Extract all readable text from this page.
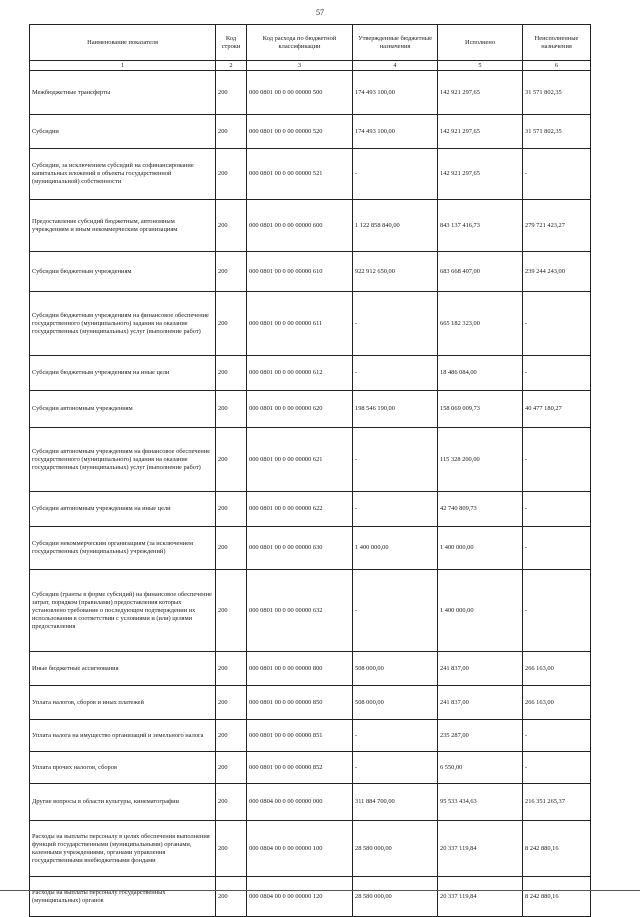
57
Наименование показателя	Код строки	Код расхода по бюджетной классификации	Утвержденные бюджетные назначения	Исполнено	Неисполненные назначения
1	2	3	4	5	6
Межбюджетные трансферты	200	000 0801 00 0 00 00000 500	174 493 100,00	142 921 297,65	31 571 802,35
Субсидии	200	000 0801 00 0 00 00000 520	174 493 100,00	142 921 297,65	31 571 802,35
Субсидии, за исключением субсидий на софинансирование капитальных вложений в объекты государственной (муниципальной) собственности	200	000 0801 00 0 00 00000 521	-	142 921 297,65	-
Предоставление субсидий бюджетным, автономным учреждениям и иным некоммерческим организациям	200	000 0801 00 0 00 00000 600	1 122 858 840,00	843 137 416,73	279 721 423,27
Субсидии бюджетным учреждениям	200	000 0801 00 0 00 00000 610	922 912 650,00	683 668 407,00	239 244 243,00
Субсидии бюджетным учреждениям на финансовое обеспечение государственного (муниципального) задания на оказание государственных (муниципальных) услуг (выполнение работ)	200	000 0801 00 0 00 00000 611	-	665 182 323,00	-
Субсидии бюджетным учреждениям на иные цели	200	000 0801 00 0 00 00000 612	-	18 486 084,00	-
Субсидии автономным учреждениям	200	000 0801 00 0 00 00000 620	198 546 190,00	158 069 009,73	40 477 180,27
Субсидии автономным учреждениям на финансовое обеспечение государственного (муниципального) задания на оказание государственных (муниципальных) услуг (выполнение работ)	200	000 0801 00 0 00 00000 621	-	115 328 200,00	-
Субсидии автономным учреждениям на иные цели	200	000 0801 00 0 00 00000 622	-	42 740 809,73	-
Субсидии некоммерческим организациям (за исключением государственных (муниципальных) учреждений)	200	000 0801 00 0 00 00000 630	1 400 000,00	1 400 000,00	-
Субсидии (гранты в форме субсидий) на финансовое обеспечение затрат, порядком (правилами) предоставления которых установлено требование о последующем подтверждении их использования в соответствии с условиями и (или) целями предоставления	200	000 0801 00 0 00 00000 632	-	1 400 000,00	-
Иные бюджетные ассигнования	200	000 0801 00 0 00 00000 800	508 000,00	241 837,00	266 163,00
Уплата налогов, сборов и иных платежей	200	000 0801 00 0 00 00000 850	508 000,00	241 837,00	266 163,00
Уплата налога на имущество организаций и земельного налога	200	000 0801 00 0 00 00000 851	-	235 287,00	-
Уплата прочих налогов, сборов	200	000 0801 00 0 00 00000 852	-	6 550,00	-
Другие вопросы в области культуры, кинематографии	200	000 0804 00 0 00 00000 000	311 884 700,00	95 533 434,63	216 351 265,37
Расходы на выплаты персоналу в целях обеспечения выполнения функций государственными (муниципальными) органами, казенными учреждениями, органами управления государственными внебюджетными фондами	200	000 0804 00 0 00 00000 100	28 580 000,00	20 337 119,84	8 242 880,16
Расходы на выплаты персоналу государственных (муниципальных) органов	200	000 0804 00 0 00 00000 120	28 580 000,00	20 337 119,84	8 242 880,16
